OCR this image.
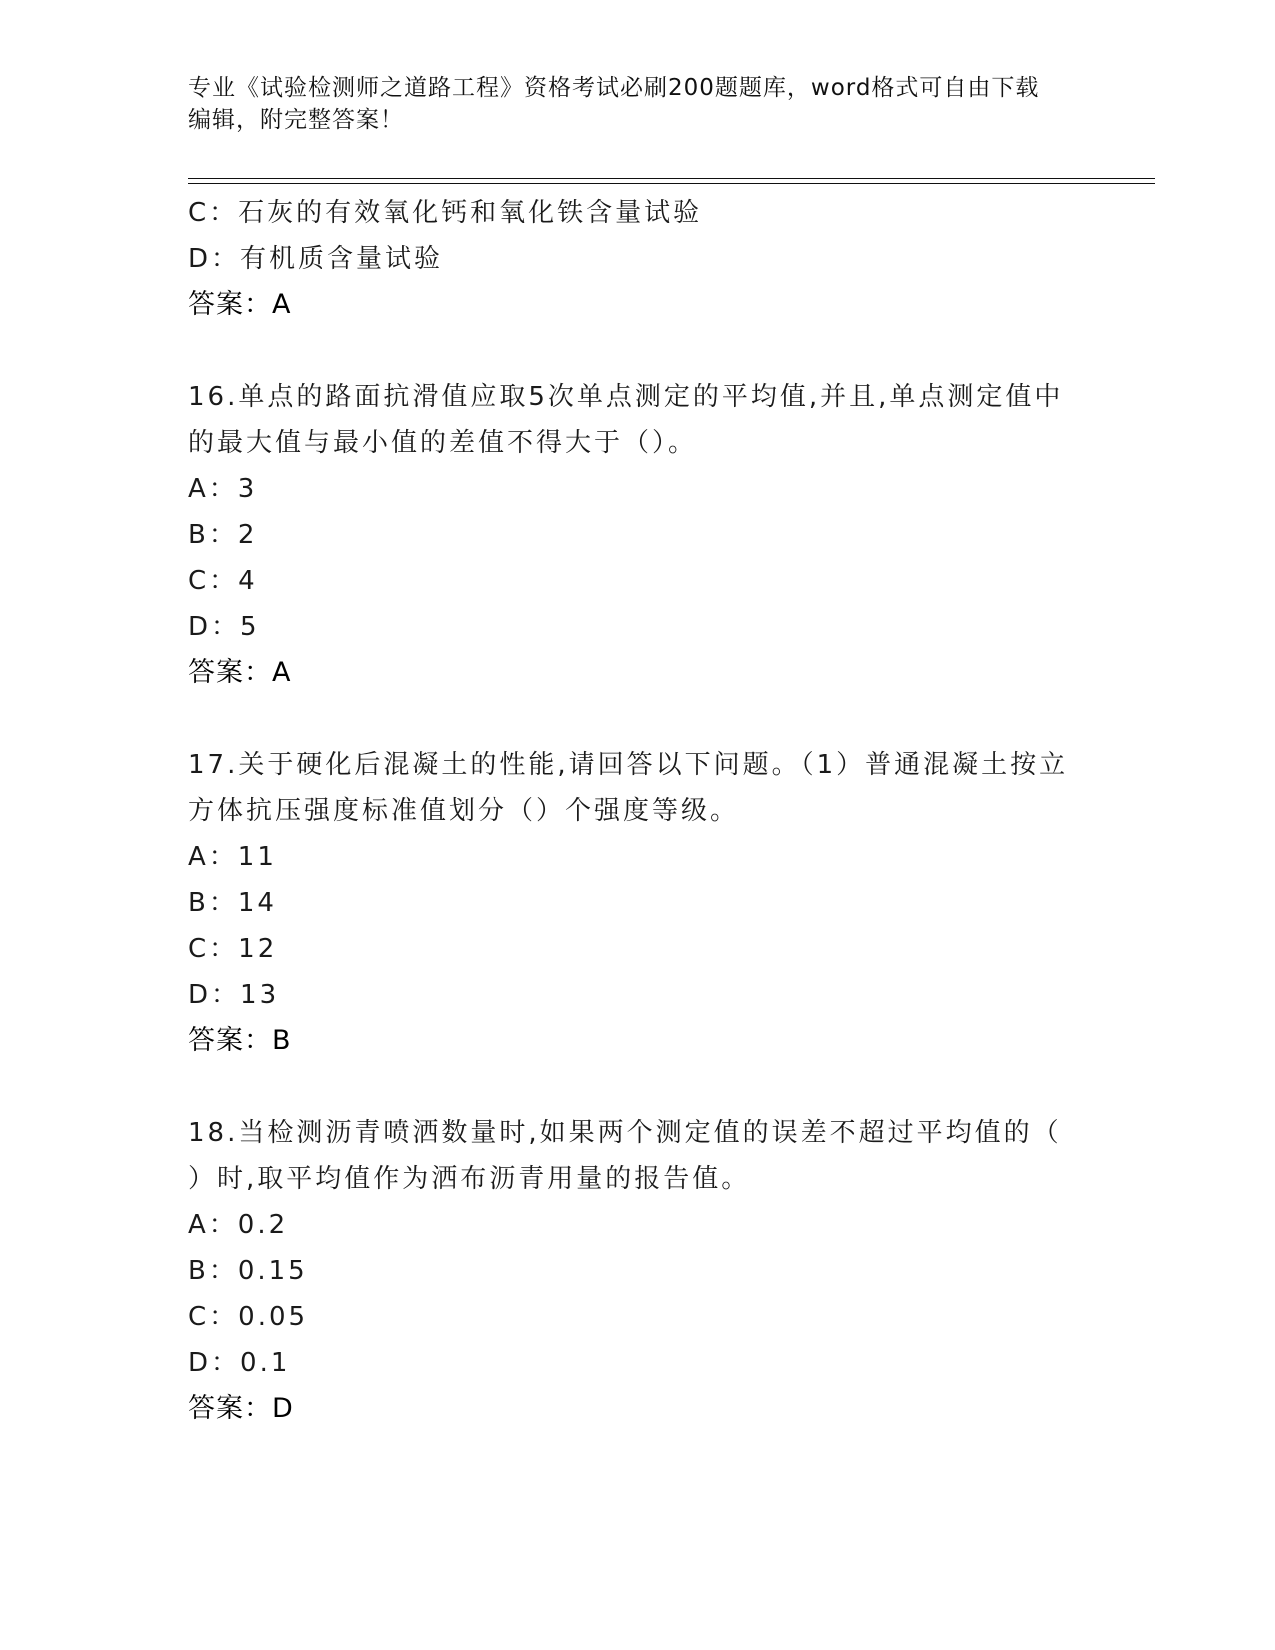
专业《试验检测师之道路工程》资格考试必刷200题题库，word格式可自由下载
编辑，附完整答案！
C：石灰的有效氧化钙和氧化铁含量试验
D：有机质含量试验
答案：A
16.单点的路面抗滑值应取5次单点测定的平均值,并且,单点测定值中
的最大值与最小值的差值不得大于（）。
A：3
B：2
C：4
D：5
答案：A
17.关于硬化后混凝土的性能,请回答以下问题。（1）普通混凝土按立
方体抗压强度标准值划分（）个强度等级。
A：11
B：14
C：12
D：13
答案：B
18.当检测沥青喷洒数量时,如果两个测定值的误差不超过平均值的（
）时,取平均值作为洒布沥青用量的报告值。
A：0.2
B：0.15
C：0.05
D：0.1
答案：D
